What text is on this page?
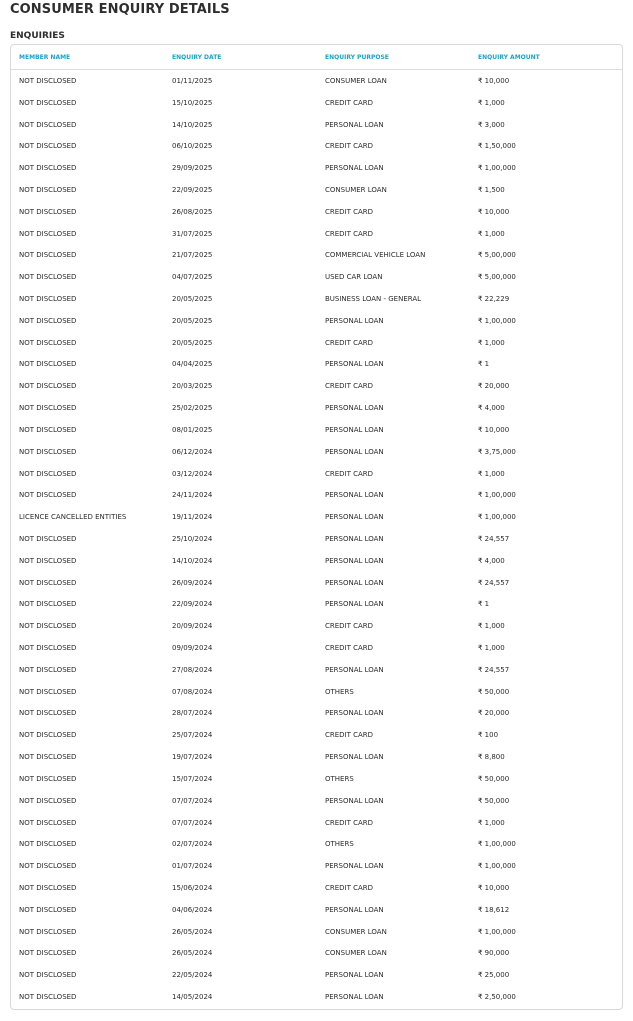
CONSUMER ENQUIRY DETAILS
ENQUIRIES
MEMBER NAME	ENQUIRY DATE	ENQUIRY PURPOSE	ENQUIRY AMOUNT
NOT DISCLOSED	01/11/2025	CONSUMER LOAN	₹ 10,000
NOT DISCLOSED	15/10/2025	CREDIT CARD	₹ 1,000
NOT DISCLOSED	14/10/2025	PERSONAL LOAN	₹ 3,000
NOT DISCLOSED	06/10/2025	CREDIT CARD	₹ 1,50,000
NOT DISCLOSED	29/09/2025	PERSONAL LOAN	₹ 1,00,000
NOT DISCLOSED	22/09/2025	CONSUMER LOAN	₹ 1,500
NOT DISCLOSED	26/08/2025	CREDIT CARD	₹ 10,000
NOT DISCLOSED	31/07/2025	CREDIT CARD	₹ 1,000
NOT DISCLOSED	21/07/2025	COMMERCIAL VEHICLE LOAN	₹ 5,00,000
NOT DISCLOSED	04/07/2025	USED CAR LOAN	₹ 5,00,000
NOT DISCLOSED	20/05/2025	BUSINESS LOAN - GENERAL	₹ 22,229
NOT DISCLOSED	20/05/2025	PERSONAL LOAN	₹ 1,00,000
NOT DISCLOSED	20/05/2025	CREDIT CARD	₹ 1,000
NOT DISCLOSED	04/04/2025	PERSONAL LOAN	₹ 1
NOT DISCLOSED	20/03/2025	CREDIT CARD	₹ 20,000
NOT DISCLOSED	25/02/2025	PERSONAL LOAN	₹ 4,000
NOT DISCLOSED	08/01/2025	PERSONAL LOAN	₹ 10,000
NOT DISCLOSED	06/12/2024	PERSONAL LOAN	₹ 3,75,000
NOT DISCLOSED	03/12/2024	CREDIT CARD	₹ 1,000
NOT DISCLOSED	24/11/2024	PERSONAL LOAN	₹ 1,00,000
LICENCE CANCELLED ENTITIES	19/11/2024	PERSONAL LOAN	₹ 1,00,000
NOT DISCLOSED	25/10/2024	PERSONAL LOAN	₹ 24,557
NOT DISCLOSED	14/10/2024	PERSONAL LOAN	₹ 4,000
NOT DISCLOSED	26/09/2024	PERSONAL LOAN	₹ 24,557
NOT DISCLOSED	22/09/2024	PERSONAL LOAN	₹ 1
NOT DISCLOSED	20/09/2024	CREDIT CARD	₹ 1,000
NOT DISCLOSED	09/09/2024	CREDIT CARD	₹ 1,000
NOT DISCLOSED	27/08/2024	PERSONAL LOAN	₹ 24,557
NOT DISCLOSED	07/08/2024	OTHERS	₹ 50,000
NOT DISCLOSED	28/07/2024	PERSONAL LOAN	₹ 20,000
NOT DISCLOSED	25/07/2024	CREDIT CARD	₹ 100
NOT DISCLOSED	19/07/2024	PERSONAL LOAN	₹ 8,800
NOT DISCLOSED	15/07/2024	OTHERS	₹ 50,000
NOT DISCLOSED	07/07/2024	PERSONAL LOAN	₹ 50,000
NOT DISCLOSED	07/07/2024	CREDIT CARD	₹ 1,000
NOT DISCLOSED	02/07/2024	OTHERS	₹ 1,00,000
NOT DISCLOSED	01/07/2024	PERSONAL LOAN	₹ 1,00,000
NOT DISCLOSED	15/06/2024	CREDIT CARD	₹ 10,000
NOT DISCLOSED	04/06/2024	PERSONAL LOAN	₹ 18,612
NOT DISCLOSED	26/05/2024	CONSUMER LOAN	₹ 1,00,000
NOT DISCLOSED	26/05/2024	CONSUMER LOAN	₹ 90,000
NOT DISCLOSED	22/05/2024	PERSONAL LOAN	₹ 25,000
NOT DISCLOSED	14/05/2024	PERSONAL LOAN	₹ 2,50,000
